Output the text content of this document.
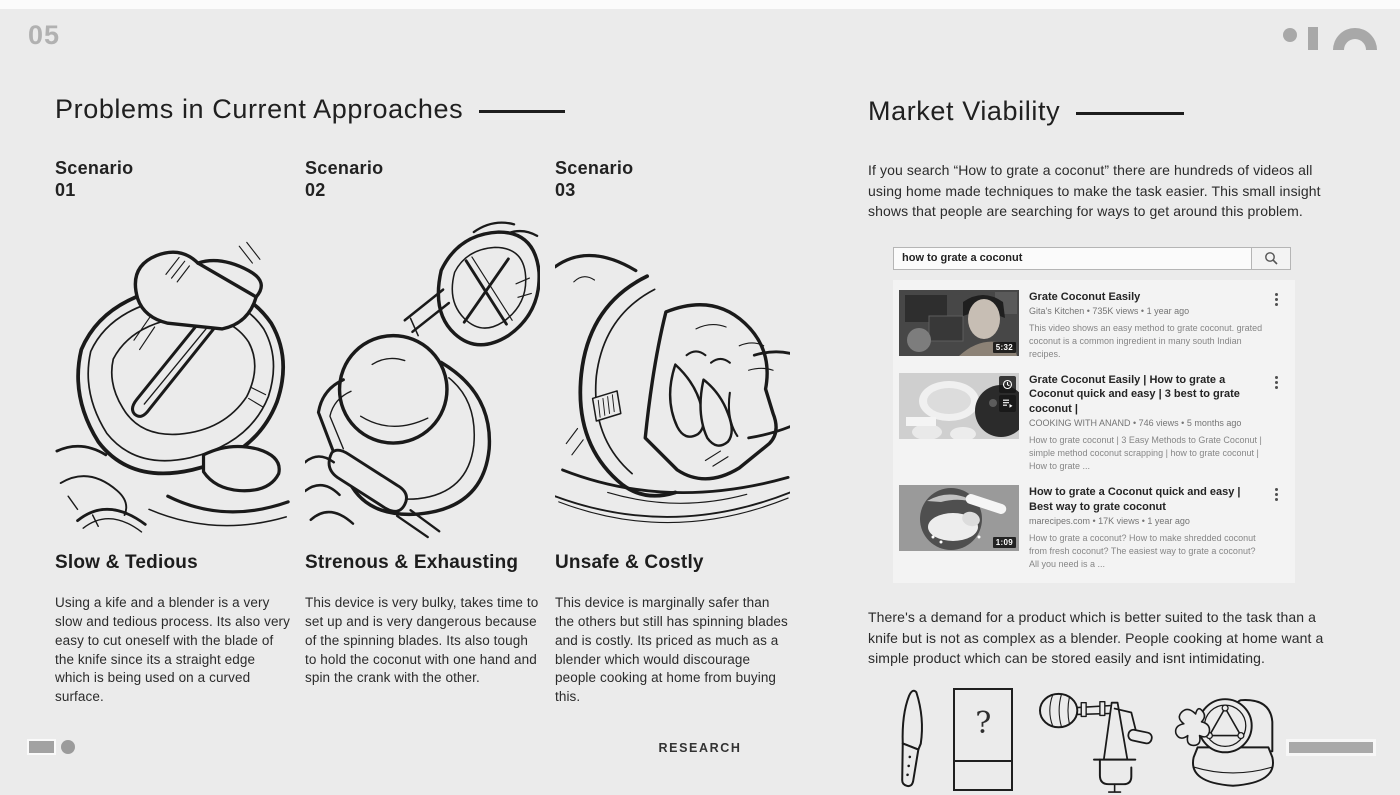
05
Problems in Current Approaches
Scenario
01
Slow & Tedious

Using a kife and a blender is a very slow and tedious process. Its also very easy to cut oneself with the blade of the knife since its a straight edge which is being used on a curved surface.

Scenario
02
Strenous & Exhausting

This device is very bulky, takes time to set up and is very dangerous because of the spinning blades. Its also tough to hold the coconut with one hand and spin the crank with the other.

Scenario
03
Unsafe & Costly

This device is marginally safer than the others but still has spinning blades and is costly. Its priced as much as a blender which would discourage people cooking at home from buying this.

Market Viability

If you search “How to grate a coconut” there are hundreds of videos all using home made techniques to make the task easier. This small insight shows that people are searching for ways to get around this problem.

how to grate a coconut
5:32
Grate Coconut Easily
Gita's Kitchen • 735K views • 1 year ago
This video shows an easy method to grate coconut. grated coconut is a common ingredient in many south Indian recipes.
Grate Coconut Easily | How to grate a Coconut quick and easy | 3 best to grate coconut |
COOKING WITH ANAND • 746 views • 5 months ago
How to grate coconut | 3 Easy Methods to Grate Coconut | simple method coconut scrapping | how to grate coconut | How to grate ...
1:09
How to grate a Coconut quick and easy | Best way to grate coconut
marecipes.com • 17K views • 1 year ago
How to grate a coconut? How to make shredded coconut from fresh coconut? The easiest way to grate a coconut? All you need is a ...

There's a demand for a product which is better suited to the task than a knife but is not as complex as a blender. People cooking at home want a simple product which can be stored easily and isnt intimidating.

?
RESEARCH
